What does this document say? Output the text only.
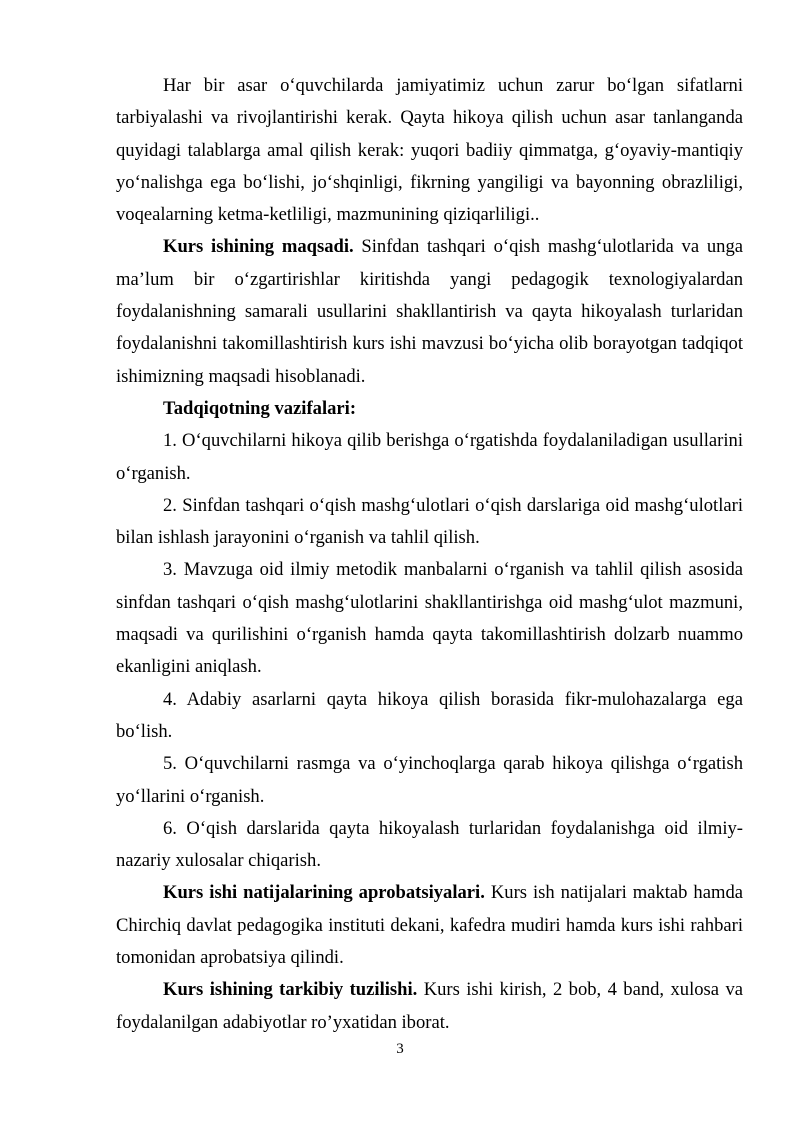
Har bir asar o‘quvchilarda jamiyatimiz uchun zarur bo‘lgan sifatlarni tarbiyalashi va rivojlantirishi kerak. Qayta hikoya qilish uchun asar tanlanganda quyidagi talablarga amal qilish kerak: yuqori badiiy qimmatga, g‘oyaviy-mantiqiy yo‘nalishga ega bo‘lishi, jo‘shqinligi, fikrning yangiligi va bayonning obrazliligi, voqealarning ketma-ketliligi, mazmunining qiziqarliligi..

Kurs ishining maqsadi. Sinfdan tashqari o‘qish mashg‘ulotlarida va unga ma’lum bir o‘zgartirishlar kiritishda yangi pedagogik texnologiyalardan foydalanishning samarali usullarini shakllantirish va qayta hikoyalash turlaridan foydalanishni takomillashtirish kurs ishi mavzusi bo‘yicha olib borayotgan tadqiqot ishimizning maqsadi hisoblanadi.

Tadqiqotning vazifalari:

1. O‘quvchilarni hikoya qilib berishga o‘rgatishda foydalaniladigan usullarini o‘rganish.

2. Sinfdan tashqari o‘qish mashg‘ulotlari o‘qish darslariga oid mashg‘ulotlari bilan ishlash jarayonini o‘rganish va tahlil qilish.

3. Mavzuga oid ilmiy metodik manbalarni o‘rganish va tahlil qilish asosida sinfdan tashqari o‘qish mashg‘ulotlarini shakllantirishga oid mashg‘ulot mazmuni, maqsadi va qurilishini o‘rganish hamda qayta takomillashtirish dolzarb nuammo ekanligini aniqlash.

4. Adabiy asarlarni qayta hikoya qilish borasida fikr-mulohazalarga ega bo‘lish.

5. O‘quvchilarni rasmga va o‘yinchoqlarga qarab hikoya qilishga o‘rgatish yo‘llarini o‘rganish.

6. O‘qish darslarida qayta hikoyalash turlaridan foydalanishga oid ilmiy-nazariy xulosalar chiqarish.

Kurs ishi natijalarining aprobatsiyalari. Kurs ish natijalari maktab hamda Chirchiq davlat pedagogika instituti dekani, kafedra mudiri hamda kurs ishi rahbari tomonidan aprobatsiya qilindi.

Kurs ishining tarkibiy tuzilishi. Kurs ishi kirish, 2 bob, 4 band, xulosa va foydalanilgan adabiyotlar ro’yxatidan iborat.

3
